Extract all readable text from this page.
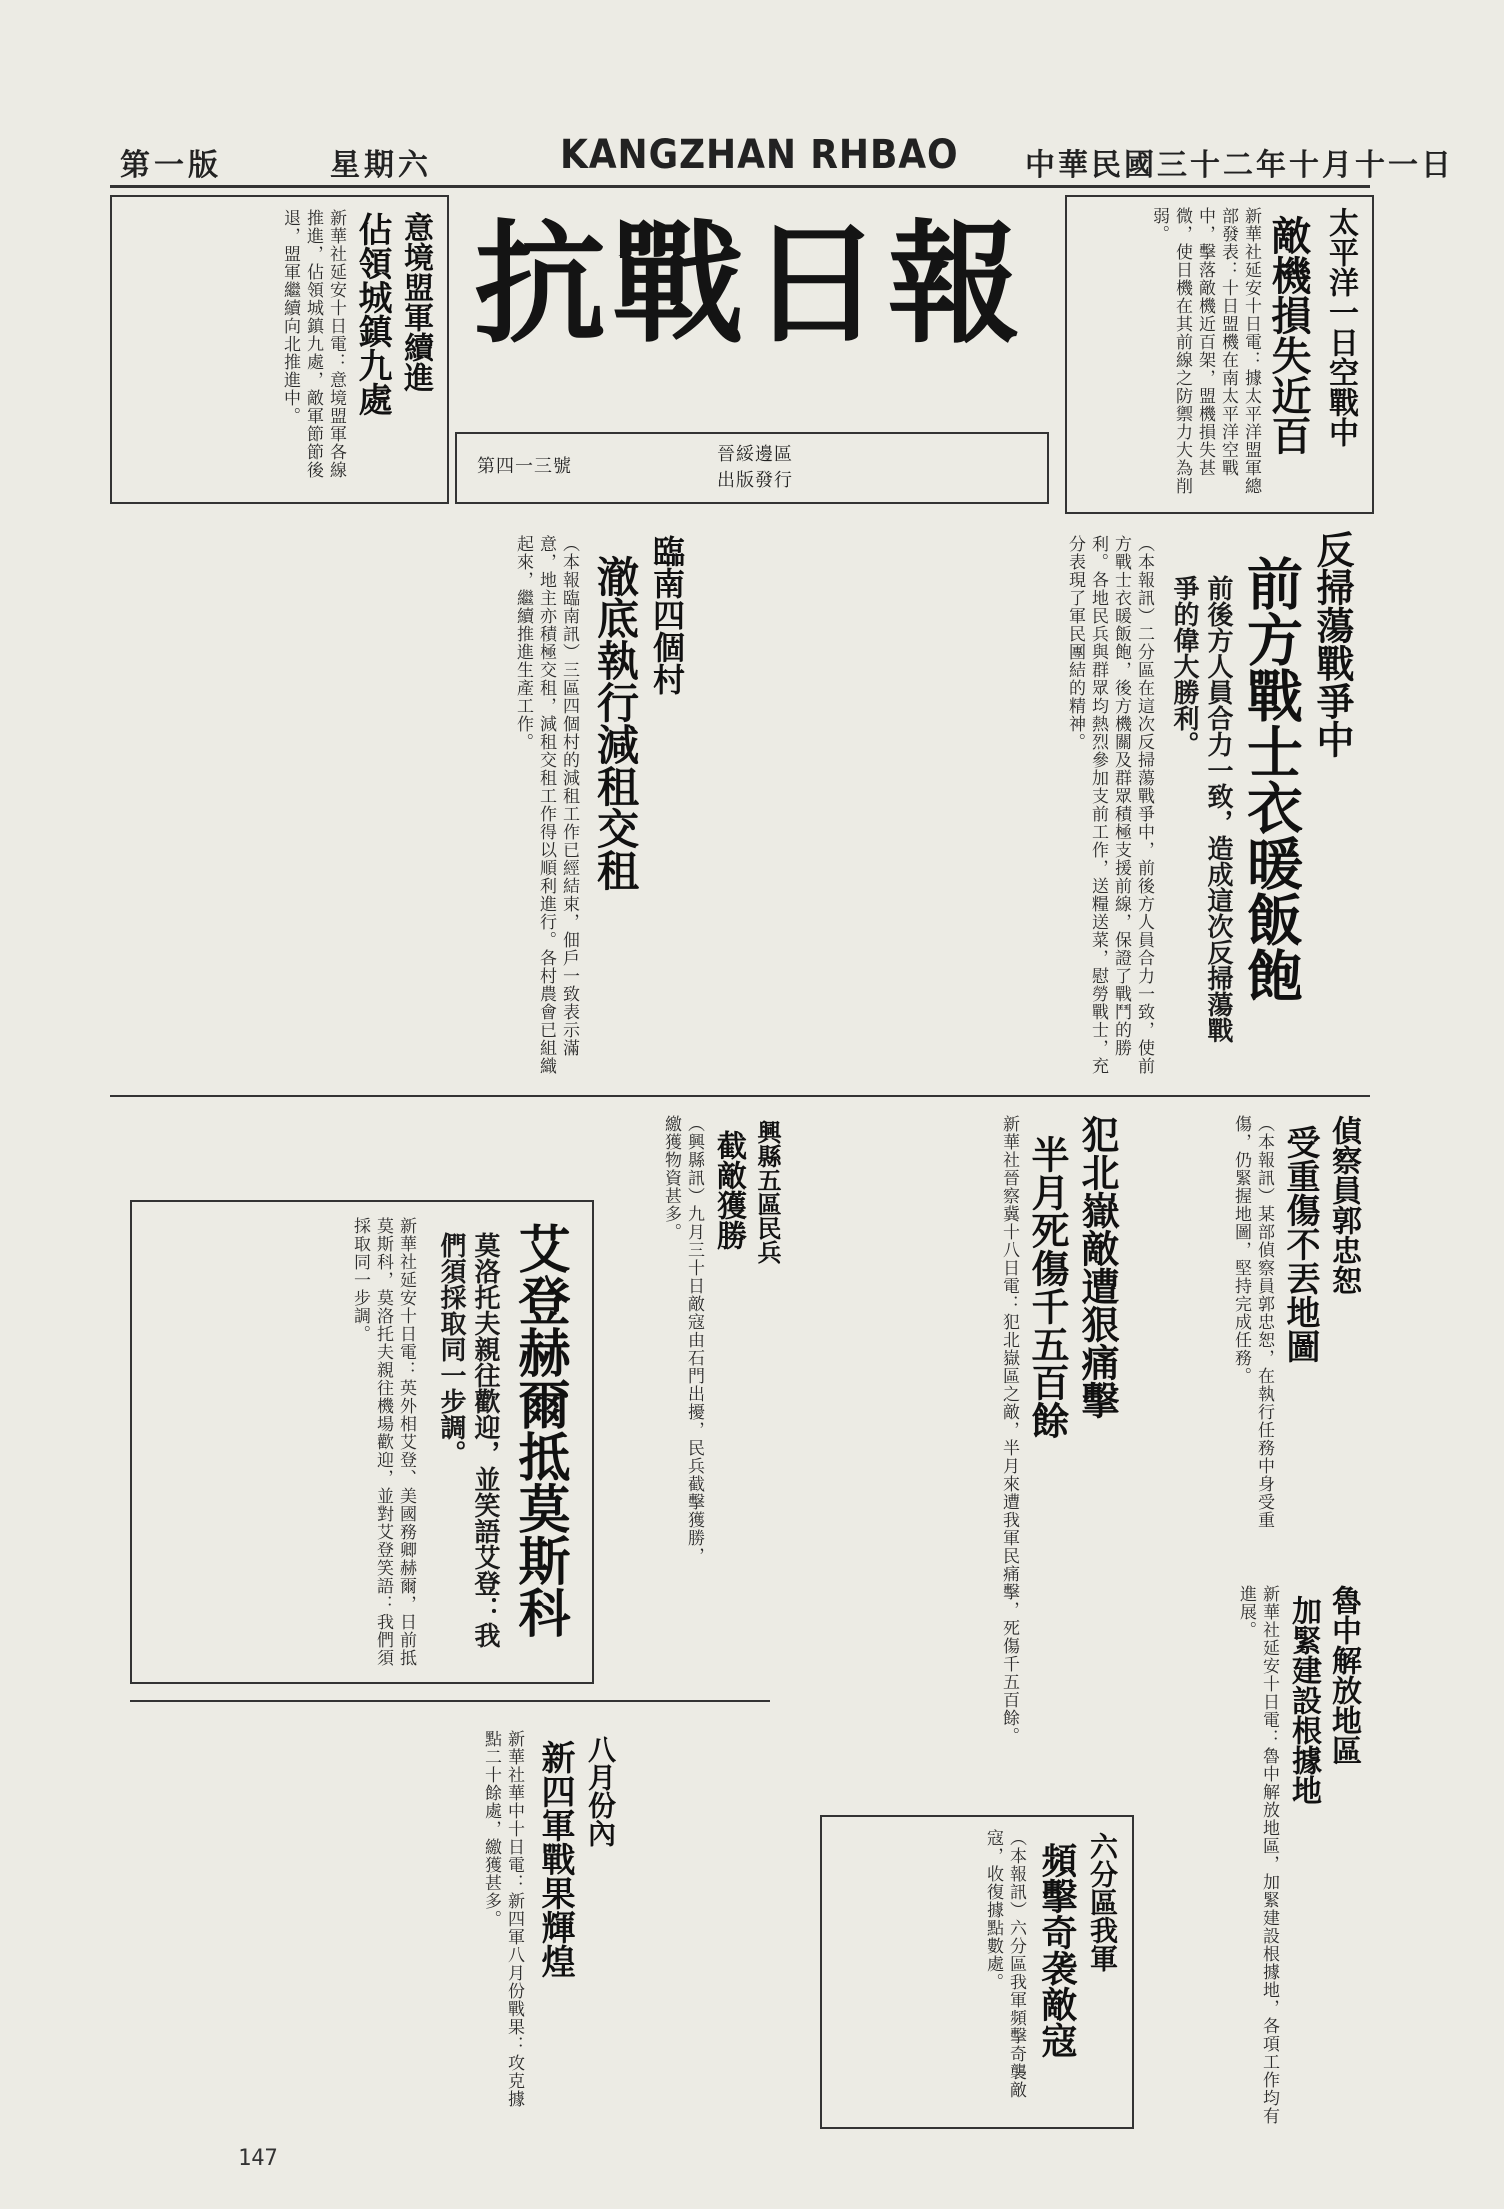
第一版	星期六	KANGZHAN RHBAO 中華民國三十二年十月十一日
抗戰日報
第四一三號
晉綏邊區
出版發行
太平洋一日空戰中
敵機損失近百
新華社延安十日電：據太平洋盟軍總部發表：十日盟機在南太平洋空戰中，擊落敵機近百架，盟機損失甚微，使日機在其前線之防禦力大為削弱。
意境盟軍續進
佔領城鎮九處
新華社延安十日電：意境盟軍各線推進，佔領城鎮九處，敵軍節節後退，盟軍繼續向北推進中。
反掃蕩戰爭中
前方戰士衣暖飯飽
前後方人員合力一致，造成這次反掃蕩戰爭的偉大勝利。
（本報訊）二分區在這次反掃蕩戰爭中，前後方人員合力一致，使前方戰士衣暖飯飽，後方機關及群眾積極支援前線，保證了戰鬥的勝利。各地民兵與群眾均熱烈參加支前工作，送糧送菜，慰勞戰士，充分表現了軍民團結的精神。
臨南四個村
澈底執行減租交租
（本報臨南訊）三區四個村的減租工作已經結束，佃戶一致表示滿意，地主亦積極交租，減租交租工作得以順利進行。各村農會已組織起來，繼續推進生產工作。
偵察員郭忠恕
受重傷不丟地圖
（本報訊）某部偵察員郭忠恕，在執行任務中身受重傷，仍緊握地圖，堅持完成任務。
興縣五區民兵
截敵獲勝
（興縣訊）九月三十日敵寇由石門出擾，民兵截擊獲勝，繳獲物資甚多。
艾登赫爾抵莫斯科
莫洛托夫親往歡迎，並笑語艾登：我們須採取同一步調。
新華社延安十日電：英外相艾登、美國務卿赫爾，日前抵莫斯科，莫洛托夫親往機場歡迎，並對艾登笑語：我們須採取同一步調。	犯北嶽敵遭狠痛擊
半月死傷千五百餘
新華社晉察冀十八日電：犯北嶽區之敵，半月來遭我軍民痛擊，死傷千五百餘。	魯中解放地區
加緊建設根據地
新華社延安十日電：魯中解放地區，加緊建設根據地，各項工作均有進展。
六分區我軍
頻擊奇袭敵寇
（本報訊）六分區我軍頻擊奇襲敵寇，收復據點數處。
八月份內
新四軍戰果輝煌
新華社華中十日電：新四軍八月份戰果：攻克據點二十餘處，繳獲甚多。
147
